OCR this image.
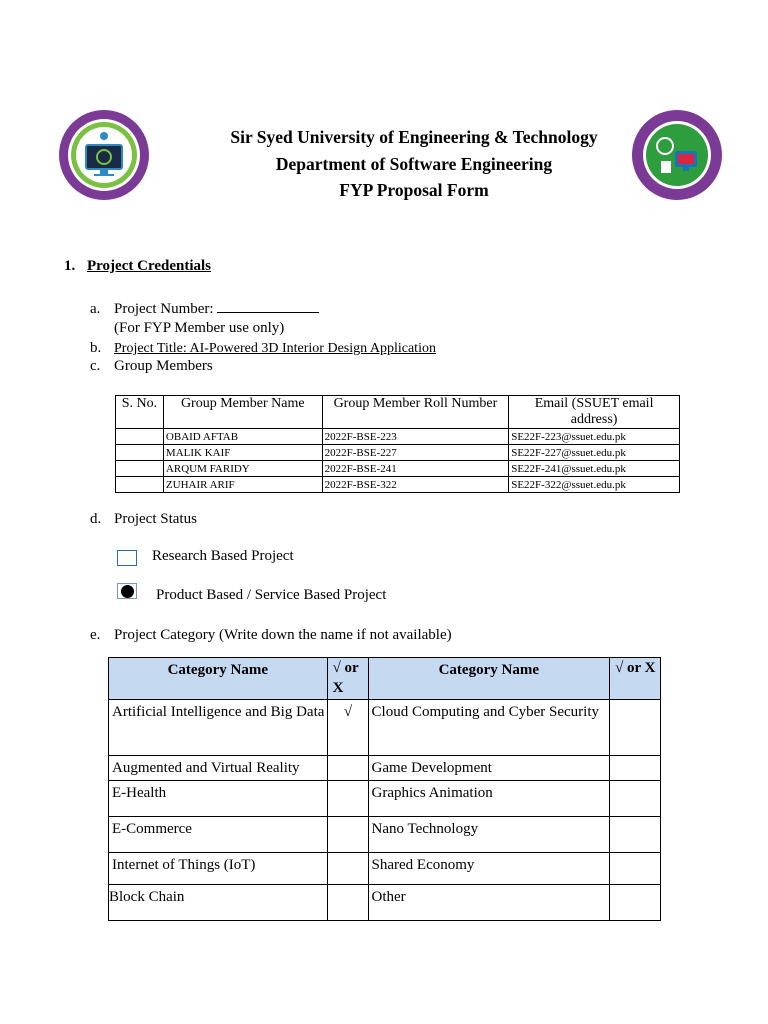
Sir Syed University of Engineering & Technology
Department of Software Engineering
FYP Proposal Form
1. Project Credentials
a. Project Number:
(For FYP Member use only)
b. Project Title: AI-Powered 3D Interior Design Application
c. Group Members
S. No.	Group Member Name	Group Member Roll Number	Email (SSUET email address)
	OBAID AFTAB	2022F-BSE-223	SE22F-223@ssuet.edu.pk
	MALIK KAIF	2022F-BSE-227	SE22F-227@ssuet.edu.pk
	ARQUM FARIDY	2022F-BSE-241	SE22F-241@ssuet.edu.pk
	ZUHAIR ARIF	2022F-BSE-322	SE22F-322@ssuet.edu.pk
d. Project Status
Research Based Project
Product Based / Service Based Project
e. Project Category (Write down the name if not available)
Category Name	√ or X	Category Name	√ or X
Artificial Intelligence and Big Data	√	Cloud Computing and Cyber Security	
Augmented and Virtual Reality		Game Development	
E-Health		Graphics Animation	
E-Commerce		Nano Technology	
Internet of Things (IoT)		Shared Economy	
Block Chain		Other	
